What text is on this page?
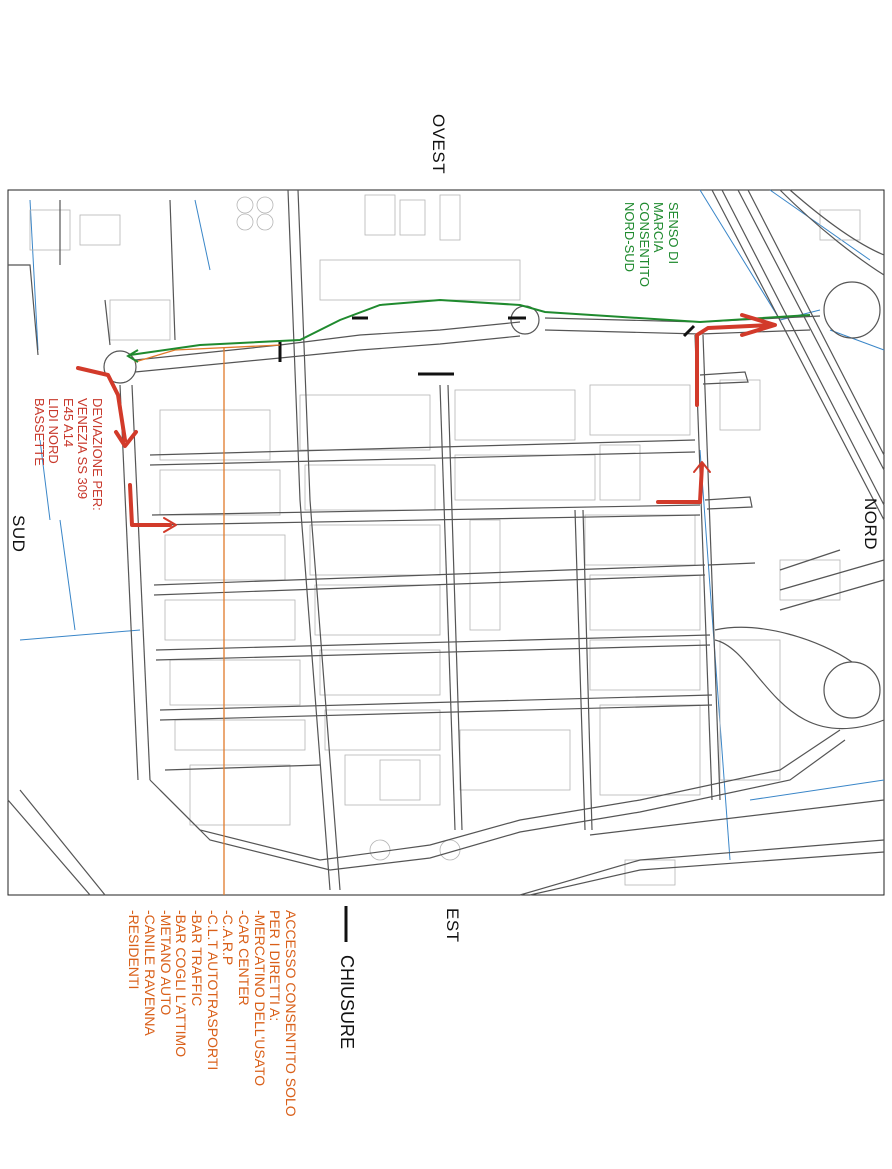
OVEST
NORD
EST
SUD
SENSO DI
MARCIA
CONSENTITO
NORD-SUD
DEVIAZIONE PER:
VENEZIA SS 309
E45 A14
LIDI NORD
BASSETTE
ACCESSO CONSENTITO SOLO
PER I DIRETTI A:
-MERCATINO DELL'USATO
-CAR CENTER
-C.A.R.P
-C.L.T AUTOTRASPORTI
-BAR TRAFFIC
-BAR COGLI L'ATTIMO
-METANO AUTO
-CANILE RAVENNA
-RESIDENTI
CHIUSURE
